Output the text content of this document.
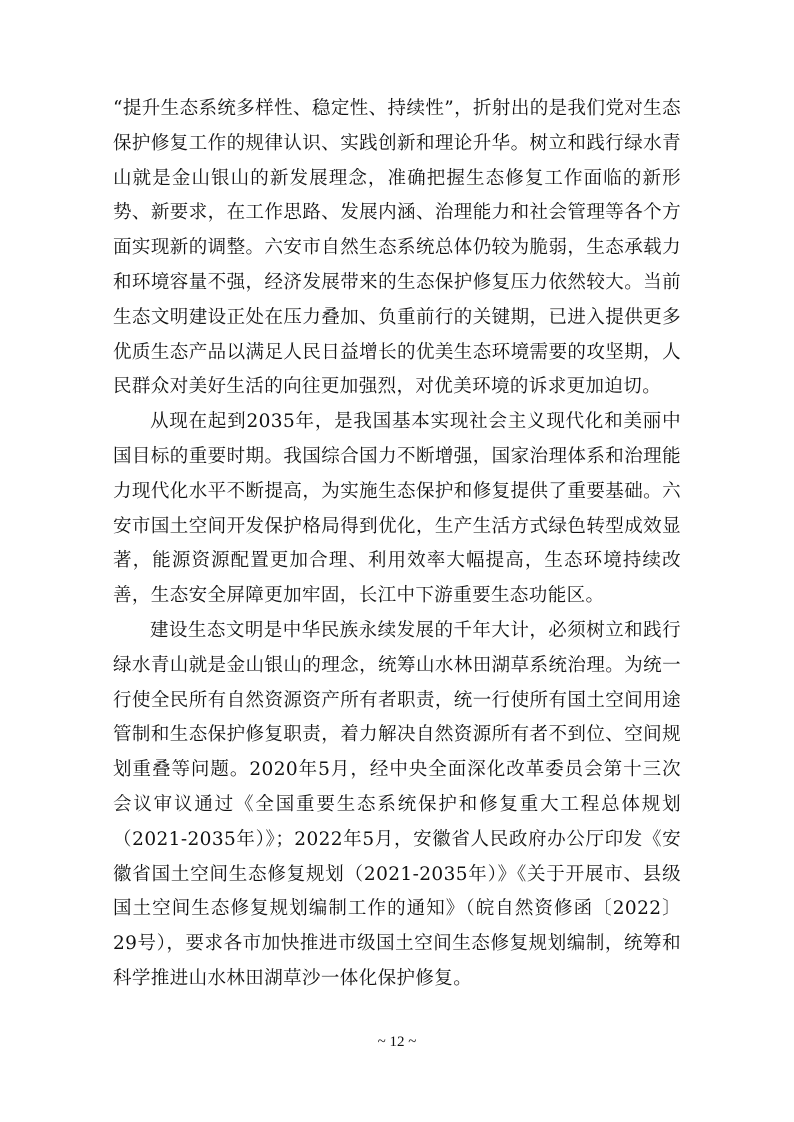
“提升生态系统多样性、稳定性、持续性”，折射出的是我们党对生态保护修复工作的规律认识、实践创新和理论升华。树立和践行绿水青山就是金山银山的新发展理念，准确把握生态修复工作面临的新形势、新要求，在工作思路、发展内涵、治理能力和社会管理等各个方面实现新的调整。六安市自然生态系统总体仍较为脆弱，生态承载力和环境容量不强，经济发展带来的生态保护修复压力依然较大。当前生态文明建设正处在压力叠加、负重前行的关键期，已进入提供更多优质生态产品以满足人民日益增长的优美生态环境需要的攻坚期，人民群众对美好生活的向往更加强烈，对优美环境的诉求更加迫切。

从现在起到2035年，是我国基本实现社会主义现代化和美丽中国目标的重要时期。我国综合国力不断增强，国家治理体系和治理能力现代化水平不断提高，为实施生态保护和修复提供了重要基础。六安市国土空间开发保护格局得到优化，生产生活方式绿色转型成效显著，能源资源配置更加合理、利用效率大幅提高，生态环境持续改善，生态安全屏障更加牢固，长江中下游重要生态功能区。

建设生态文明是中华民族永续发展的千年大计，必须树立和践行绿水青山就是金山银山的理念，统筹山水林田湖草系统治理。为统一行使全民所有自然资源资产所有者职责，统一行使所有国土空间用途管制和生态保护修复职责，着力解决自然资源所有者不到位、空间规划重叠等问题。2020年5月，经中央全面深化改革委员会第十三次会议审议通过《全国重要生态系统保护和修复重大工程总体规划（2021-2035年）》；2022年5月，安徽省人民政府办公厅印发《安徽省国土空间生态修复规划（2021-2035年）》《关于开展市、县级国土空间生态修复规划编制工作的通知》（皖自然资修函〔2022〕29号），要求各市加快推进市级国土空间生态修复规划编制，统筹和科学推进山水林田湖草沙一体化保护修复。

~ 12 ~
